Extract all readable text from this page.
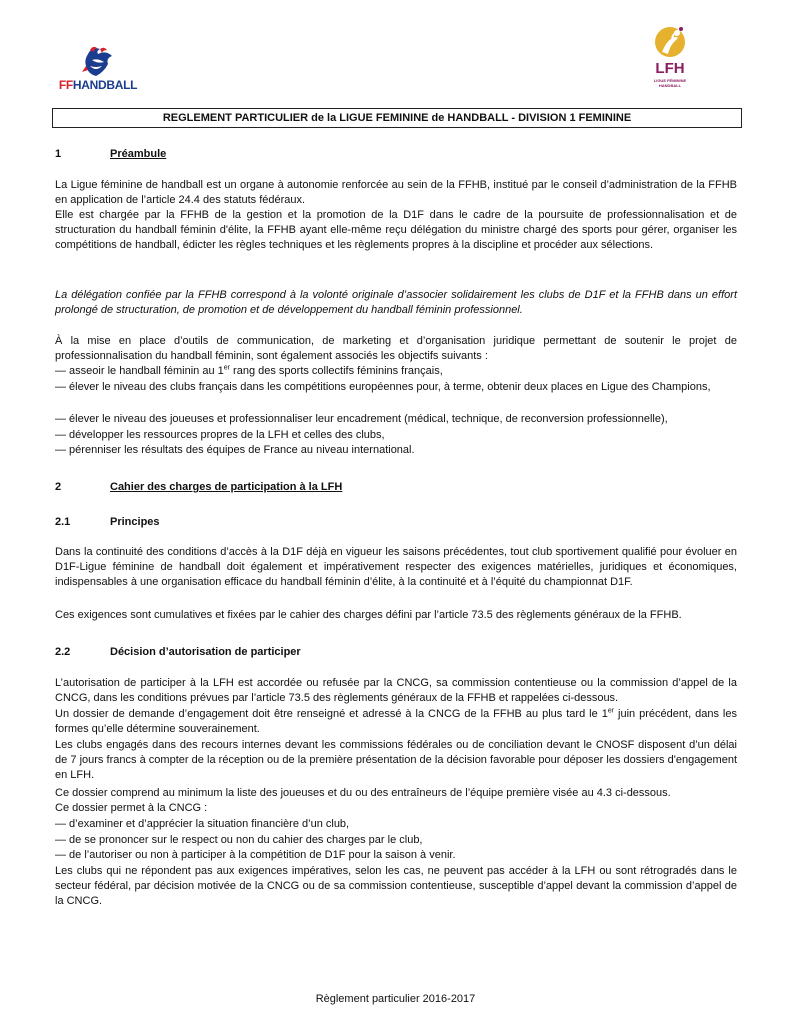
FFHANDBALL
LFH
LIGUE FÉMININE HANDBALL
REGLEMENT PARTICULIER de la LIGUE FEMININE de HANDBALL - DIVISION 1 FEMININE
1	Préambule

La Ligue féminine de handball est un organe à autonomie renforcée au sein de la FFHB, institué par le conseil d’administration de la FFHB en application de l’article 24.4 des statuts fédéraux.

Elle est chargée par la FFHB de la gestion et la promotion de la D1F dans le cadre de la poursuite de professionnalisation et de structuration du handball féminin d'élite, la FFHB ayant elle-même reçu délégation du ministre chargé des sports pour gérer, organiser les compétitions de handball, édicter les règles techniques et les règlements propres à la discipline et procéder aux sélections.

La délégation confiée par la FFHB correspond à la volonté originale d’associer solidairement les clubs de D1F et la FFHB dans un effort prolongé de structuration, de promotion et de développement du handball féminin professionnel.

À la mise en place d’outils de communication, de marketing et d’organisation juridique permettant de soutenir le projet de professionnalisation du handball féminin, sont également associés les objectifs suivants :

— asseoir le handball féminin au 1er rang des sports collectifs féminins français,

— élever le niveau des clubs français dans les compétitions européennes pour, à terme, obtenir deux places en Ligue des Champions,

— élever le niveau des joueuses et professionnaliser leur encadrement (médical, technique, de reconversion professionnelle),

— développer les ressources propres de la LFH et celles des clubs,

— pérenniser les résultats des équipes de France au niveau international.

2	Cahier des charges de participation à la LFH
2.1	Principes

Dans la continuité des conditions d’accès à la D1F déjà en vigueur les saisons précédentes, tout club sportivement qualifié pour évoluer en D1F-Ligue féminine de handball doit également et impérativement respecter des exigences matérielles, juridiques et économiques, indispensables à une organisation efficace du handball féminin d’élite, à la continuité et à l’équité du championnat D1F.

Ces exigences sont cumulatives et fixées par le cahier des charges défini par l’article 73.5 des règlements généraux de la FFHB.

2.2	Décision d’autorisation de participer

L’autorisation de participer à la LFH est accordée ou refusée par la CNCG, sa commission contentieuse ou la commission d’appel de la CNCG, dans les conditions prévues par l’article 73.5 des règlements généraux de la FFHB et rappelées ci-dessous.

Un dossier de demande d’engagement doit être renseigné et adressé à la CNCG de la FFHB au plus tard le 1er juin précédent, dans les formes qu’elle détermine souverainement.

Les clubs engagés dans des recours internes devant les commissions fédérales ou de conciliation devant le CNOSF disposent d’un délai de 7 jours francs à compter de la réception ou de la première présentation de la décision favorable pour déposer les dossiers d'engagement en LFH.

Ce dossier comprend au minimum la liste des joueuses et du ou des entraîneurs de l’équipe première visée au 4.3 ci-dessous.

Ce dossier permet à la CNCG :

— d’examiner et d’apprécier la situation financière d’un club,

— de se prononcer sur le respect ou non du cahier des charges par le club,

— de l’autoriser ou non à participer à la compétition de D1F pour la saison à venir.

Les clubs qui ne répondent pas aux exigences impératives, selon les cas, ne peuvent pas accéder à la LFH ou sont rétrogradés dans le secteur fédéral, par décision motivée de la CNCG ou de sa commission contentieuse, susceptible d’appel devant la commission d’appel de la CNCG.

Règlement particulier 2016-2017
